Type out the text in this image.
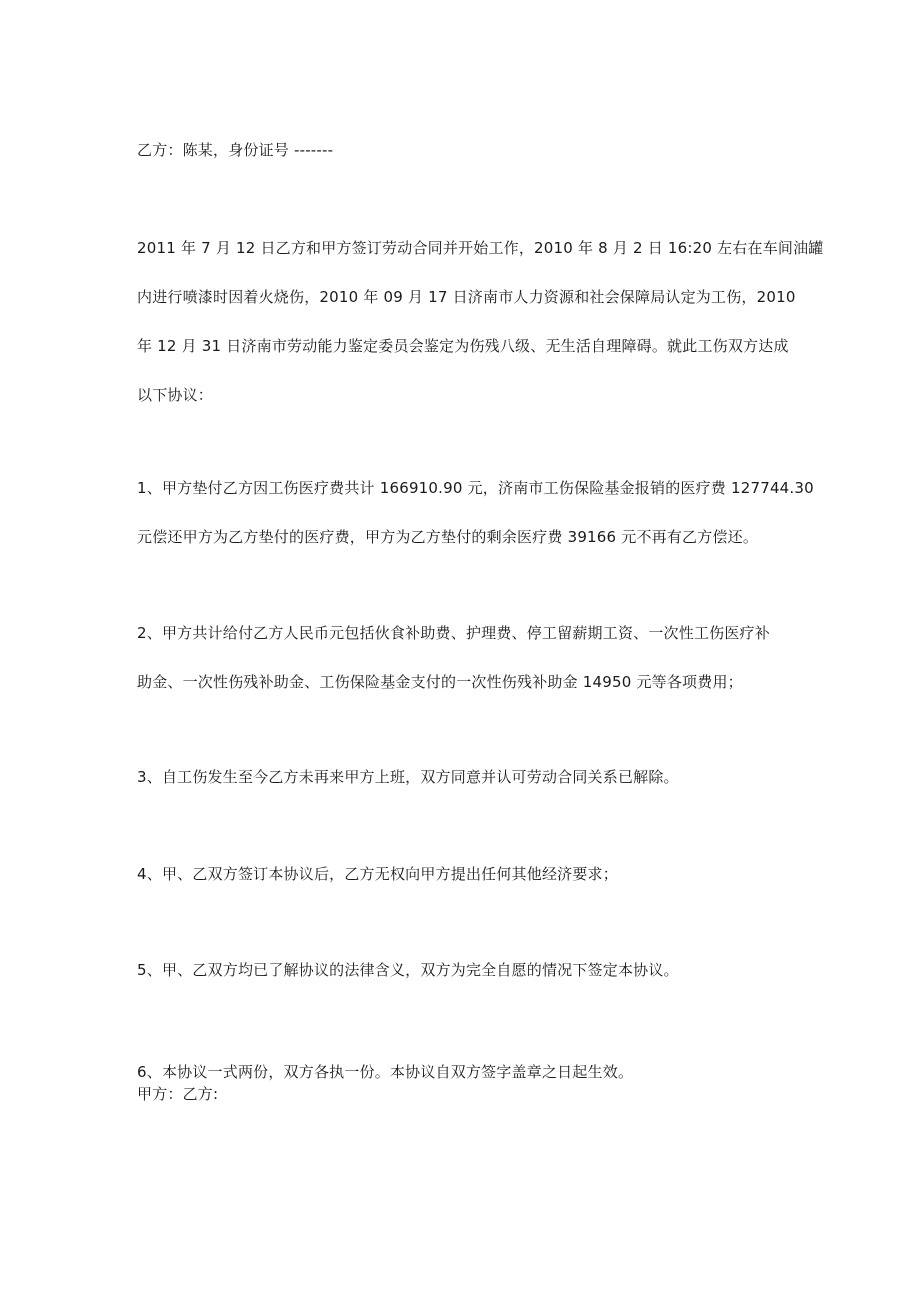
乙方：陈某，身份证号 -------
2011 年 7 月 12 日乙方和甲方签订劳动合同并开始工作，2010 年 8 月 2 日 16:20 左右在车间油罐
内进行喷漆时因着火烧伤，2010 年 09 月 17 日济南市人力资源和社会保障局认定为工伤，2010
年 12 月 31 日济南市劳动能力鉴定委员会鉴定为伤残八级、无生活自理障碍。就此工伤双方达成
以下协议：
1、甲方垫付乙方因工伤医疗费共计 166910.90 元，济南市工伤保险基金报销的医疗费 127744.30
元偿还甲方为乙方垫付的医疗费，甲方为乙方垫付的剩余医疗费 39166 元不再有乙方偿还。
2、甲方共计给付乙方人民币元包括伙食补助费、护理费、停工留薪期工资、一次性工伤医疗补
助金、一次性伤残补助金、工伤保险基金支付的一次性伤残补助金 14950 元等各项费用；
3、自工伤发生至今乙方未再来甲方上班，双方同意并认可劳动合同关系已解除。
4、甲、乙双方签订本协议后，乙方无权向甲方提出任何其他经济要求；
5、甲、乙双方均已了解协议的法律含义，双方为完全自愿的情况下签定本协议。
6、本协议一式两份，双方各执一份。本协议自双方签字盖章之日起生效。
甲方：乙方:
